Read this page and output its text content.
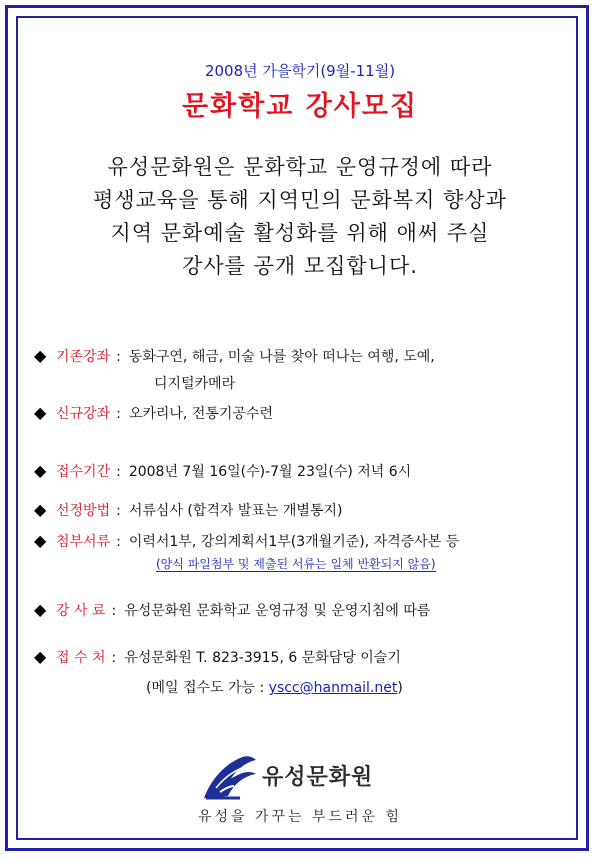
2008년 가을학기(9월-11월)
문화학교 강사모집
유성문화원은 문화학교 운영규정에 따라
평생교육을 통해 지역민의 문화복지 향상과
지역 문화예술 활성화를 위해 애써 주실
강사를 공개 모집합니다.
◆ 기존강좌 : 동화구연, 해금, 미술 나를 찾아 떠나는 여행, 도예,
디지털카메라
◆ 신규강좌 : 오카리나, 전통기공수련
◆ 접수기간 : 2008년 7월 16일(수)-7월 23일(수) 저녁 6시
◆ 선정방법 : 서류심사 (합격자 발표는 개별통지)
◆ 첨부서류 : 이력서1부, 강의계획서1부(3개월기준), 자격증사본 등
(양식 파일첨부 및 제출된 서류는 일체 반환되지 않음)
◆ 강 사 료 : 유성문화원 문화학교 운영규정 및 운영지침에 따름
◆ 접 수 처 : 유성문화원 T. 823-3915, 6 문화담당 이슬기
(메일 접수도 가능 : yscc@hanmail.net)
유성문화원
유성을 가꾸는 부드러운 힘
